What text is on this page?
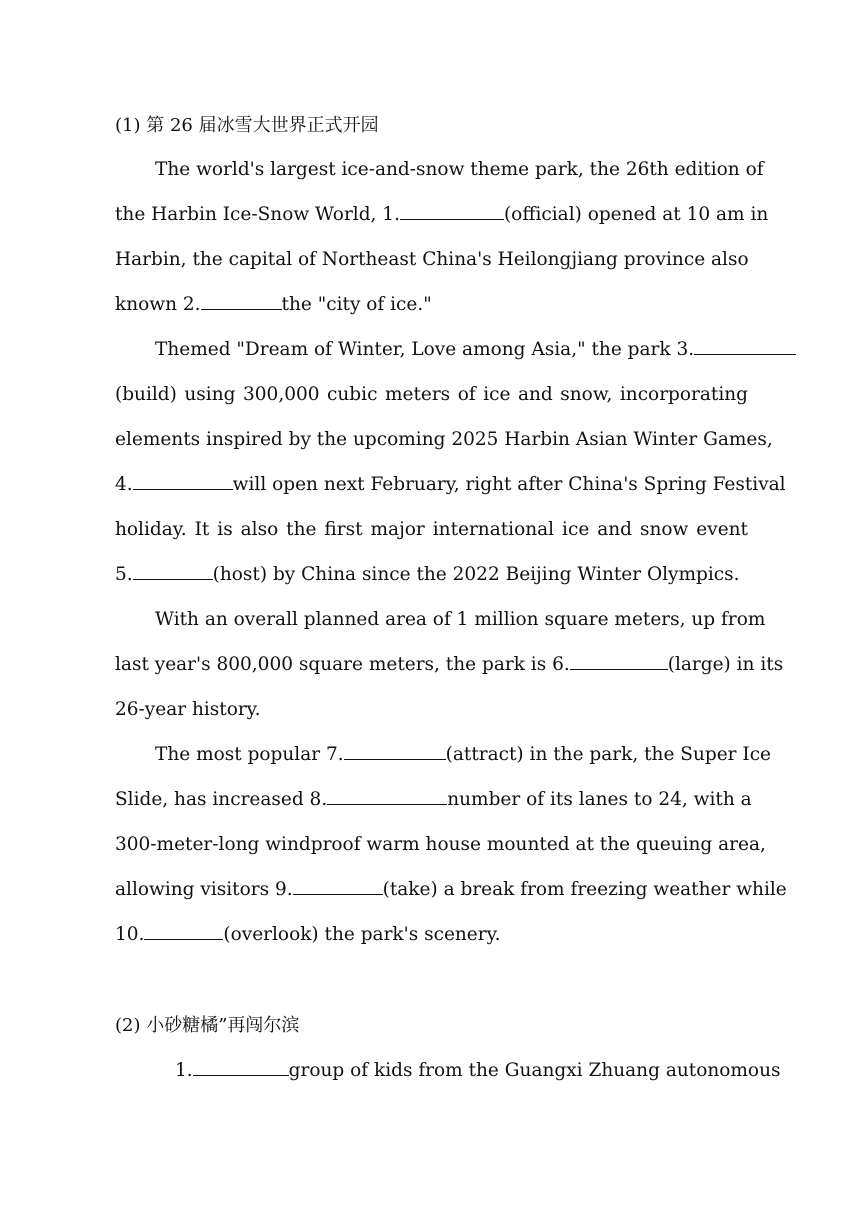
(1) 第 26 届冰雪大世界正式开园
The world's largest ice-and-snow theme park, the 26th edition of
the Harbin Ice-Snow World, 1.	(official) opened at 10 am in
Harbin, the capital of Northeast China's Heilongjiang province also
known 2.	the "city of ice."
Themed "Dream of Winter, Love among Asia," the park 3.
(build) using 300,000 cubic meters of ice and snow, incorporating
elements inspired by the upcoming 2025 Harbin Asian Winter Games,
4.	will open next February, right after China's Spring Festival
holiday. It is also the first major international ice and snow event
5.	(host) by China since the 2022 Beijing Winter Olympics.
With an overall planned area of 1 million square meters, up from
last year's 800,000 square meters, the park is 6.	(large) in its
26-year history.
The most popular 7.	(attract) in the park, the Super Ice
Slide, has increased 8.	number of its lanes to 24, with a
300-meter-long windproof warm house mounted at the queuing area,
allowing visitors 9.	(take) a break from freezing weather while
10.	(overlook) the park's scenery.
(2) 小砂糖橘”再闯尔滨
1.	group of kids from the Guangxi Zhuang autonomous
